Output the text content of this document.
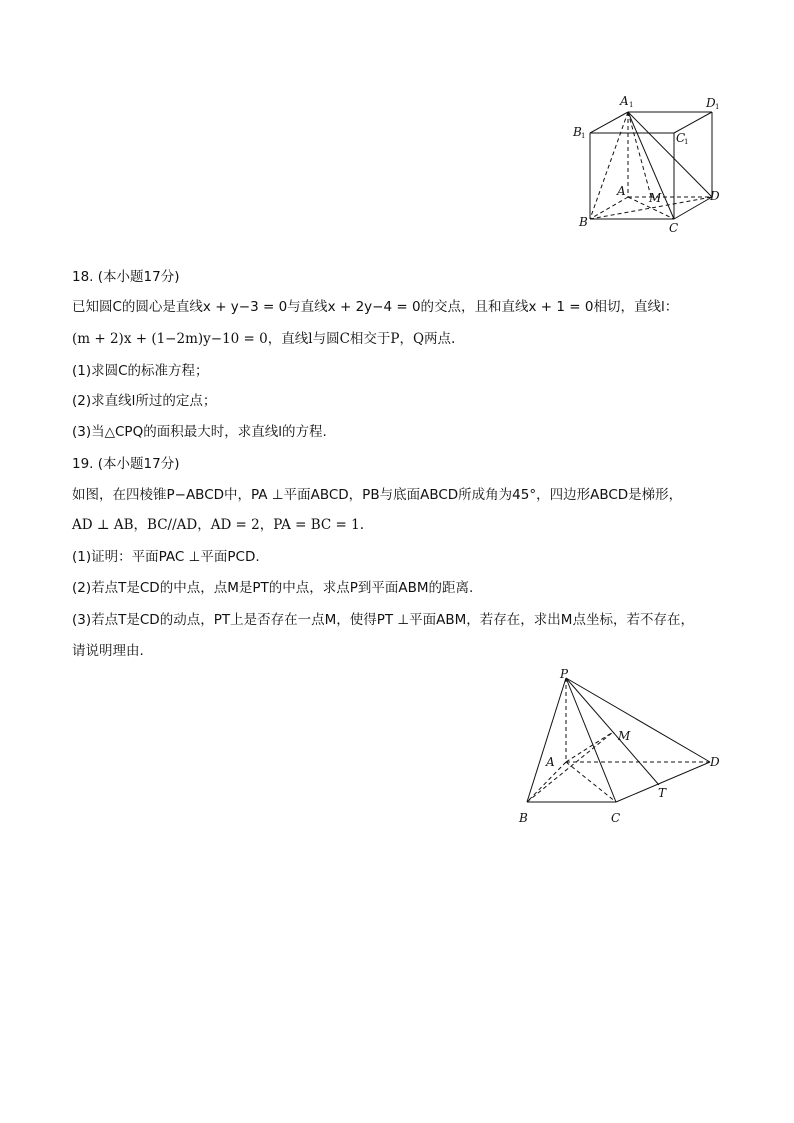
A 1	D 1
B 1	C
1
A M	D
B	C
18. (本小题17分)
已知圆C的圆心是直线x + y−3 = 0与直线x + 2y−4 = 0的交点，且和直线x + 1 = 0相切，直线l：
(m + 2)x + (1−2m)y−10 = 0，直线l与圆C相交于P，Q两点.
(1)求圆C的标准方程；
(2)求直线l所过的定点；
(3)当△CPQ的面积最大时，求直线l的方程.
19. (本小题17分)
如图，在四棱锥P−ABCD中，PA ⊥平面ABCD，PB与底面ABCD所成角为45°，四边形ABCD是梯形，
AD ⊥ AB，BC//AD，AD = 2，PA = BC = 1.
(1)证明：平面PAC ⊥平面PCD.
(2)若点T是CD的中点，点M是PT的中点，求点P到平面ABM的距离.
(3)若点T是CD的动点，PT上是否存在一点M，使得PT ⊥平面ABM，若存在，求出M点坐标，若不存在，
请说明理由.
P
M
A	D
T
B	C
